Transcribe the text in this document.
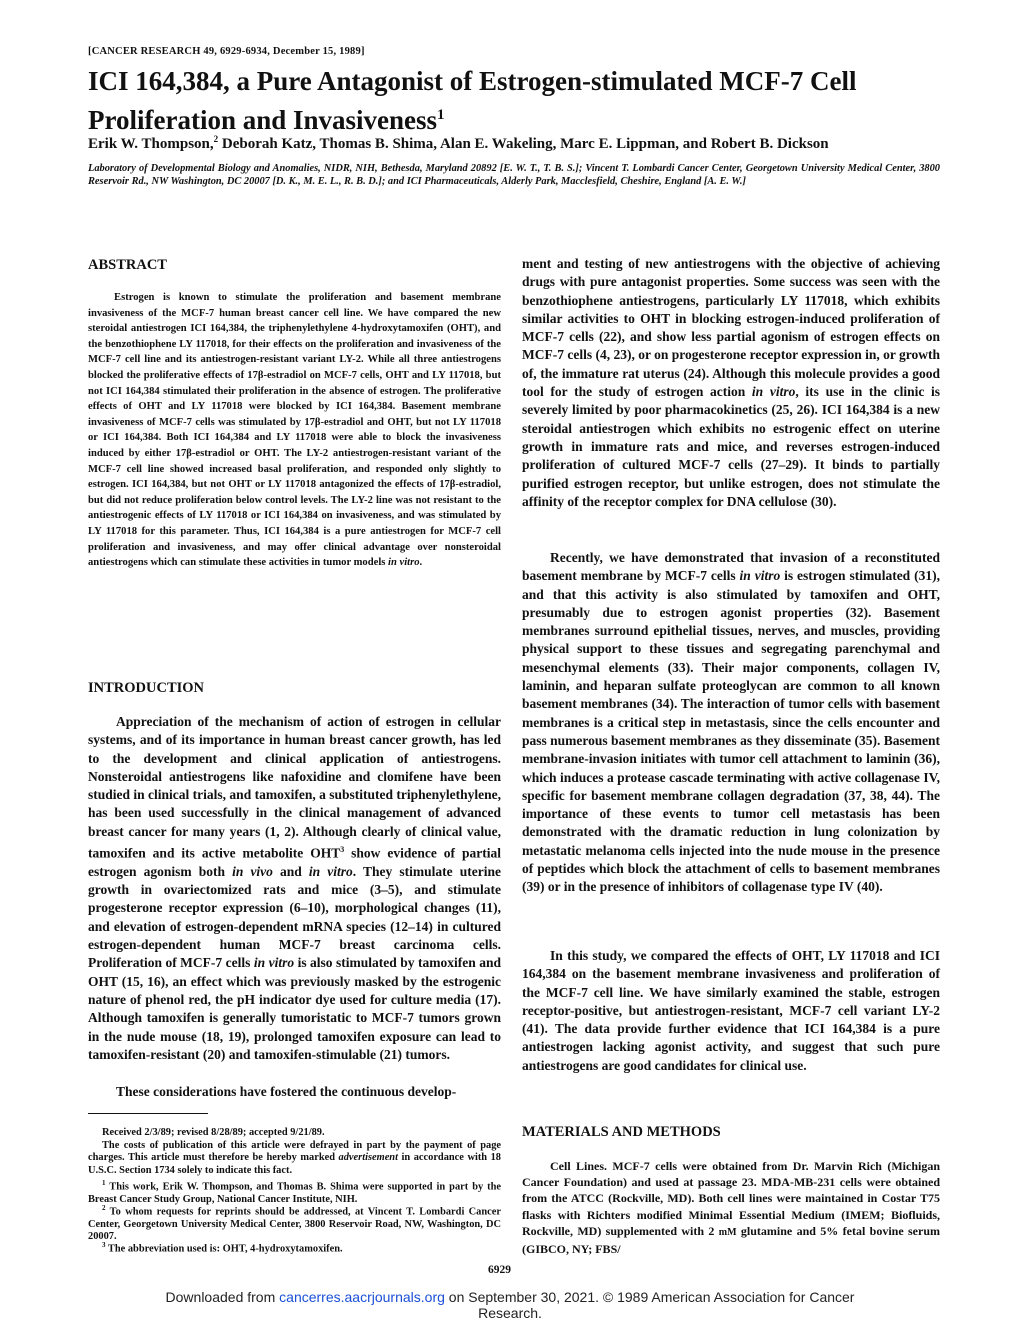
[CANCER RESEARCH 49, 6929-6934, December 15, 1989]
ICI 164,384, a Pure Antagonist of Estrogen-stimulated MCF-7 Cell Proliferation and Invasiveness$^1$
Erik W. Thompson,$^2$ Deborah Katz, Thomas B. Shima, Alan E. Wakeling, Marc E. Lippman, and Robert B. Dickson
Laboratory of Developmental Biology and Anomalies, NIDR, NIH, Bethesda, Maryland 20892 [E. W. T., T. B. S.]; Vincent T. Lombardi Cancer Center, Georgetown University Medical Center, 3800 Reservoir Rd., NW Washington, DC 20007 [D. K., M. E. L., R. B. D.]; and ICI Pharmaceuticals, Alderly Park, Macclesfield, Cheshire, England [A. E. W.]
ABSTRACT

Estrogen is known to stimulate the proliferation and basement membrane invasiveness of the MCF-7 human breast cancer cell line. We have compared the new steroidal antiestrogen ICI 164,384, the triphenylethylene 4-hydroxytamoxifen (OHT), and the benzothiophene LY 117018, for their effects on the proliferation and invasiveness of the MCF-7 cell line and its antiestrogen-resistant variant LY-2. While all three antiestrogens blocked the proliferative effects of 17β-estradiol on MCF-7 cells, OHT and LY 117018, but not ICI 164,384 stimulated their proliferation in the absence of estrogen. The proliferative effects of OHT and LY 117018 were blocked by ICI 164,384. Basement membrane invasiveness of MCF-7 cells was stimulated by 17β-estradiol and OHT, but not LY 117018 or ICI 164,384. Both ICI 164,384 and LY 117018 were able to block the invasiveness induced by either 17β-estradiol or OHT. The LY-2 antiestrogen-resistant variant of the MCF-7 cell line showed increased basal proliferation, and responded only slightly to estrogen. ICI 164,384, but not OHT or LY 117018 antagonized the effects of 17β-estradiol, but did not reduce proliferation below control levels. The LY-2 line was not resistant to the antiestrogenic effects of LY 117018 or ICI 164,384 on invasiveness, and was stimulated by LY 117018 for this parameter. Thus, ICI 164,384 is a pure antiestrogen for MCF-7 cell proliferation and invasiveness, and may offer clinical advantage over nonsteroidal antiestrogens which can stimulate these activities in tumor models in vitro.

INTRODUCTION

Appreciation of the mechanism of action of estrogen in cellular systems, and of its importance in human breast cancer growth, has led to the development and clinical application of antiestrogens. Nonsteroidal antiestrogens like nafoxidine and clomifene have been studied in clinical trials, and tamoxifen, a substituted triphenylethylene, has been used successfully in the clinical management of advanced breast cancer for many years (1, 2). Although clearly of clinical value, tamoxifen and its active metabolite OHT$^3$ show evidence of partial estrogen agonism both in vivo and in vitro. They stimulate uterine growth in ovariectomized rats and mice (3–5), and stimulate progesterone receptor expression (6–10), morphological changes (11), and elevation of estrogen-dependent mRNA species (12–14) in cultured estrogen-dependent human MCF-7 breast carcinoma cells. Proliferation of MCF-7 cells in vitro is also stimulated by tamoxifen and OHT (15, 16), an effect which was previously masked by the estrogenic nature of phenol red, the pH indicator dye used for culture media (17). Although tamoxifen is generally tumoristatic to MCF-7 tumors grown in the nude mouse (18, 19), prolonged tamoxifen exposure can lead to tamoxifen-resistant (20) and tamoxifen-stimulable (21) tumors.

These considerations have fostered the continuous develop-

Received 2/3/89; revised 8/28/89; accepted 9/21/89.

The costs of publication of this article were defrayed in part by the payment of page charges. This article must therefore be hereby marked advertisement in accordance with 18 U.S.C. Section 1734 solely to indicate this fact.

$^1$ This work, Erik W. Thompson, and Thomas B. Shima were supported in part by the Breast Cancer Study Group, National Cancer Institute, NIH.

$^2$ To whom requests for reprints should be addressed, at Vincent T. Lombardi Cancer Center, Georgetown University Medical Center, 3800 Reservoir Road, NW, Washington, DC 20007.

$^3$ The abbreviation used is: OHT, 4-hydroxytamoxifen.

ment and testing of new antiestrogens with the objective of achieving drugs with pure antagonist properties. Some success was seen with the benzothiophene antiestrogens, particularly LY 117018, which exhibits similar activities to OHT in blocking estrogen-induced proliferation of MCF-7 cells (22), and show less partial agonism of estrogen effects on MCF-7 cells (4, 23), or on progesterone receptor expression in, or growth of, the immature rat uterus (24). Although this molecule provides a good tool for the study of estrogen action in vitro, its use in the clinic is severely limited by poor pharmacokinetics (25, 26). ICI 164,384 is a new steroidal antiestrogen which exhibits no estrogenic effect on uterine growth in immature rats and mice, and reverses estrogen-induced proliferation of cultured MCF-7 cells (27–29). It binds to partially purified estrogen receptor, but unlike estrogen, does not stimulate the affinity of the receptor complex for DNA cellulose (30).

Recently, we have demonstrated that invasion of a reconstituted basement membrane by MCF-7 cells in vitro is estrogen stimulated (31), and that this activity is also stimulated by tamoxifen and OHT, presumably due to estrogen agonist properties (32). Basement membranes surround epithelial tissues, nerves, and muscles, providing physical support to these tissues and segregating parenchymal and mesenchymal elements (33). Their major components, collagen IV, laminin, and heparan sulfate proteoglycan are common to all known basement membranes (34). The interaction of tumor cells with basement membranes is a critical step in metastasis, since the cells encounter and pass numerous basement membranes as they disseminate (35). Basement membrane-invasion initiates with tumor cell attachment to laminin (36), which induces a protease cascade terminating with active collagenase IV, specific for basement membrane collagen degradation (37, 38, 44). The importance of these events to tumor cell metastasis has been demonstrated with the dramatic reduction in lung colonization by metastatic melanoma cells injected into the nude mouse in the presence of peptides which block the attachment of cells to basement membranes (39) or in the presence of inhibitors of collagenase type IV (40).

In this study, we compared the effects of OHT, LY 117018 and ICI 164,384 on the basement membrane invasiveness and proliferation of the MCF-7 cell line. We have similarly examined the stable, estrogen receptor-positive, but antiestrogen-resistant, MCF-7 cell variant LY-2 (41). The data provide further evidence that ICI 164,384 is a pure antiestrogen lacking agonist activity, and suggest that such pure antiestrogens are good candidates for clinical use.

MATERIALS AND METHODS

Cell Lines. MCF-7 cells were obtained from Dr. Marvin Rich (Michigan Cancer Foundation) and used at passage 23. MDA-MB-231 cells were obtained from the ATCC (Rockville, MD). Both cell lines were maintained in Costar T75 flasks with Richters modified Minimal Essential Medium (IMEM; Biofluids, Rockville, MD) supplemented with 2 mM glutamine and 5% fetal bovine serum (GIBCO, NY; FBS/

6929
Downloaded from cancerres.aacrjournals.org on September 30, 2021. © 1989 American Association for Cancer
Research.
